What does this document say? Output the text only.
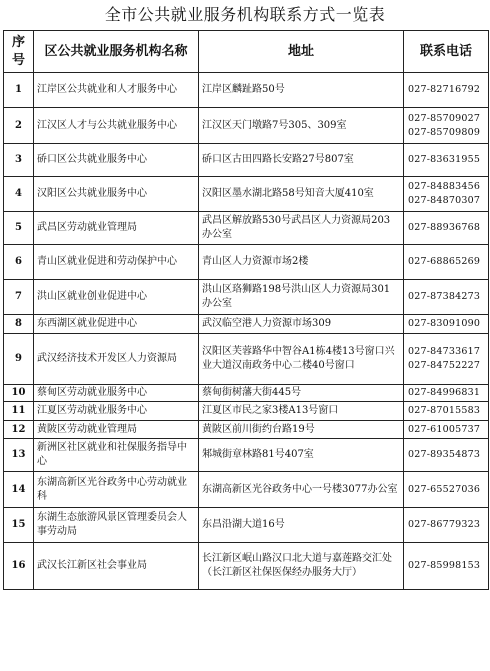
全市公共就业服务机构联系方式一览表
序号	区公共就业服务机构名称	地址	联系电话
1	江岸区公共就业和人才服务中心	江岸区麟趾路50号	027-82716792

2	江汉区人才与公共就业服务中心	江汉区天门墩路7号305、309室	027-85709027
027-85709809

3	硚口区公共就业服务中心	硚口区古田四路长安路27号807室	027-83631955

4	汉阳区公共就业服务中心	汉阳区墨水湖北路58号知音大厦410室	027-84883456
027-84870307

5	武昌区劳动就业管理局	武昌区解放路530号武昌区人力资源局203办公室	027-88936768

6	青山区就业促进和劳动保护中心	青山区人力资源市场2楼	027-68865269

7	洪山区就业创业促进中心	洪山区珞狮路198号洪山区人力资源局301办公室	027-87384273

8	东西湖区就业促进中心	武汉临空港人力资源市场309	027-83091090

9	武汉经济技术开发区人力资源局	汉阳区芙蓉路华中智谷A1栋4楼13号窗口兴业大道汉南政务中心二楼40号窗口	027-84733617
027-84752227

10	蔡甸区劳动就业服务中心	蔡甸街树藩大街445号	027-84996831

11	江夏区劳动就业服务中心	江夏区市民之家3楼A13号窗口	027-87015583

12	黄陂区劳动就业管理局	黄陂区前川街约台路19号	027-61005737

13	新洲区社区就业和社保服务指导中心	邾城街章林路81号407室	027-89354873

14	东湖高新区光谷政务中心劳动就业科	东湖高新区光谷政务中心一号楼3077办公室	027-65527036

15	东湖生态旅游风景区管理委员会人事劳动局	东昌沿湖大道16号	027-86779323

16	武汉长江新区社会事业局	长江新区岷山路汉口北大道与嘉莲路交汇处（长江新区社保医保经办服务大厅）	027-85998153
